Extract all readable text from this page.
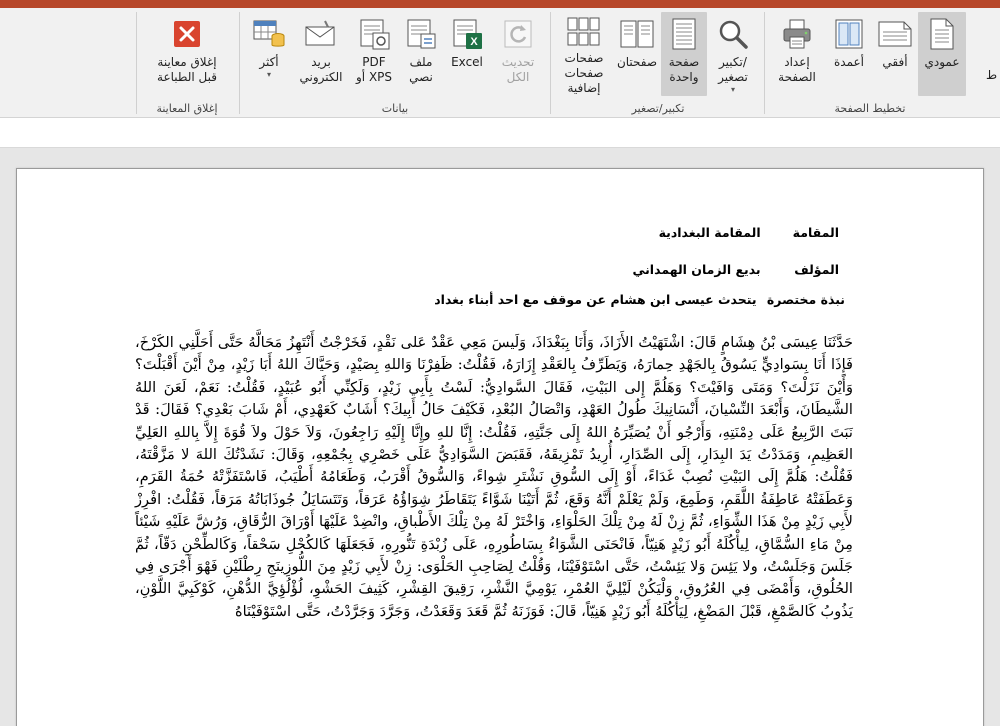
ط
عمودي
أفقي
أعمدة
إعداد
الصفحة
تخطيط الصفحة
تكبير/
تصغير
▾
صفحة
واحدة
صفحتان
صفحات صفحات
إضافية
تكبير/تصغير
تحديث
الكل
X
Excel
ملف
نصي
PDF
أو XPS
بريد
الكتروني
أكثر
▾
بيانات
إغلاق معاينة
قبل الطباعة
إغلاق المعاينة
المقامة المقامة البغدادية
المؤلف بديع الزمان الهمداني
نبذة مختصرة يتحدث عيسى ابن هشام عن موقف مع احد أبناء بغداد

حَدَّثَنَا عِيسَى بْنُ هِشَامٍ قَالَ: اشْتَهَيْتُ الأَزَاذَ، وَأَنَا بِبَغْدَاذَ، وَلَيسَ مَعِي عَقْدٌ عَلى نَقْدٍ، فَخَرْجْتُ أَنْتَهِزُ مَحَالَّهُ حَتَّى أَحَلَّنِي الكَرْخَ، فَإِذَا أَنَا بِسَوادِيٍّ يَسُوقُ بِالجَهْدِ حِمارَهُ، وَيَطَرِّفُ بِالعَقْدِ إِزَارَهُ، فَقُلْتُ: ظَفِرْنَا وَاللهِ بِصَيْدٍ، وَحَيَّاكَ اللهُ أَبَا زَيْدٍ، مِنْ أَيْنَ أَقْبَلْتَ؟ وَأَيْنَ نَزَلْتَ؟ وَمَتَى وَافَيْتَ؟ وَهَلُمَّ إِلى البَيْتِ، فَقَالَ السَّوادِيُّ: لَسْتُ بِأَبِي زَيْدٍ، وَلَكِنِّي أَبُو عُبَيْدٍ، فَقُلْتُ: نَعَمْ، لَعَنَ اللهُ الشَّيطَانَ، وَأَبْعَدَ النِّسْيانَ، أَنْسَانِيكَ طُولُ العَهْدِ، وَاتْصَالُ البُعْدِ، فَكَيْفَ حَالُ أَبِيكَ؟ أَشَابٌ كَعَهْدِي، أَمْ شَابَ بَعْدِي؟ فَقَالَ: قَدْ نَبَتَ الرَّبِيعُ عَلَى دِمْنَتِهِ، وَأَرْجُو أَنْ يُصَيِّرَهُ اللهُ إِلَى جَنَّتِهِ، فَقُلْتُ: إِنَّا للهِ وإِنَّا إِلَيْهِ رَاجِعُونَ، وَلاَ حَوْلَ ولاَ قُوَةَ إِلاَّ بِاللهِ العَلِيِّ العَظِيمِ، وَمَدَدْتُ يَدَ البِدَارِ، إِلَى الصِّدَارِ، أُرِيدُ تَمْزِيقَهُ، فَقَبَضَ السَّوَادِيُّ عَلَى خَصْرِي بِجُمْعِهِ، وَقَالَ: نَشَدْتُكَ اللهَ لا مَزَّقْتَهُ، فَقُلْتُ: هَلُمَّ إِلَى البَيْتِ نُصِبْ غَدَاءً، أَوْ إِلَى السُّوقِ نَشْتَرِ شِواءً، وَالسُّوقُ أَقْرَبُ، وَطَعَامُهُ أَطْيَبُ، فَاسْتَفَزَّتْهُ حُمَةُ القَرَمِ، وَعَطَفَتْهُ عَاطِفَةُ اللَّقَمِ، وَطَمِعَ، وَلَمْ يَعْلَمْ أَنَّهُ وَقَعَ، ثُمَّ أَتَيْنَا شَوَّاءً يَتَقَاطَرُ شِوَاؤُهُ عَرَقاً، وَتَتَسَايَلُ جُوذَابَاتُهُ مَرَقاً، فَقُلْتُ: افْرِزْ لأَبِي زَيْدٍ مِنْ هَذَا الشِّوَاءِ، ثُمَّ زِنْ لَهُ مِنْ تِلْكَ الحَلْوَاءِ، وَاخْتَرْ لَهُ مِنْ تِلْكَ الأَطْباقِ، وانْضِدْ عَلَيْهَا أَوْرَاقَ الرُّقَاقِ، وَرُشَّ عَلَيْهِ شَيْئاً مِنْ مَاءِ السُّمَّاقِ، لِيأْكُلَهُ أَبُو زَيْدٍ هَنِيّاً، فَانْحَنَى الشَّوَاءُ بِسَاطُورِهِ، عَلَى زُبْدَةِ تَنُّورِهِ، فَجَعَلَهَا كَالكُحْلِ سَحْقاً، وَكَالطِّحْنِ دَقّاً، ثُمَّ جَلَسَ وَجَلَسْتُ، ولا يَئِسَ وَلا يَئِسْتُ، حَتَّى اسْتَوْفَيْنَا، وَقُلْتُ لِصَاحِبِ الحَلْوَى: زِنْ لأَبِي زَيْدٍ مِنَ اللُّوزِينَجِ رِطْلَيْنِ فَهْوَ أَجْرَى فِي الحُلُوقِ، وَأَمْضَى فِي العُرُوقِ، وَلْيَكُنْ لَيْلِيَّ العُمْرِ، يَوْمِيَّ النَّشْرِ، رَقِيقَ القِشْرِ، كَثِيفَ الحَشْوِ، لُؤْلُؤِيَّ الدُّهْنِ، كَوْكَبِيَّ اللَّوْنِ، يَذُوبُ كَالصَّمْغِ، قَبْلَ المَضْغِ، لِيَأْكُلَهُ أَبُو زَيْدٍ هَنِيّاً، قَالَ: فَوَزَنَهُ ثُمَّ قَعَدَ وَقَعَدْتُ، وَجَرَّدَ وَجَرَّدْتُ، حَتَّى اسْتَوْفَيْنَاهُ
